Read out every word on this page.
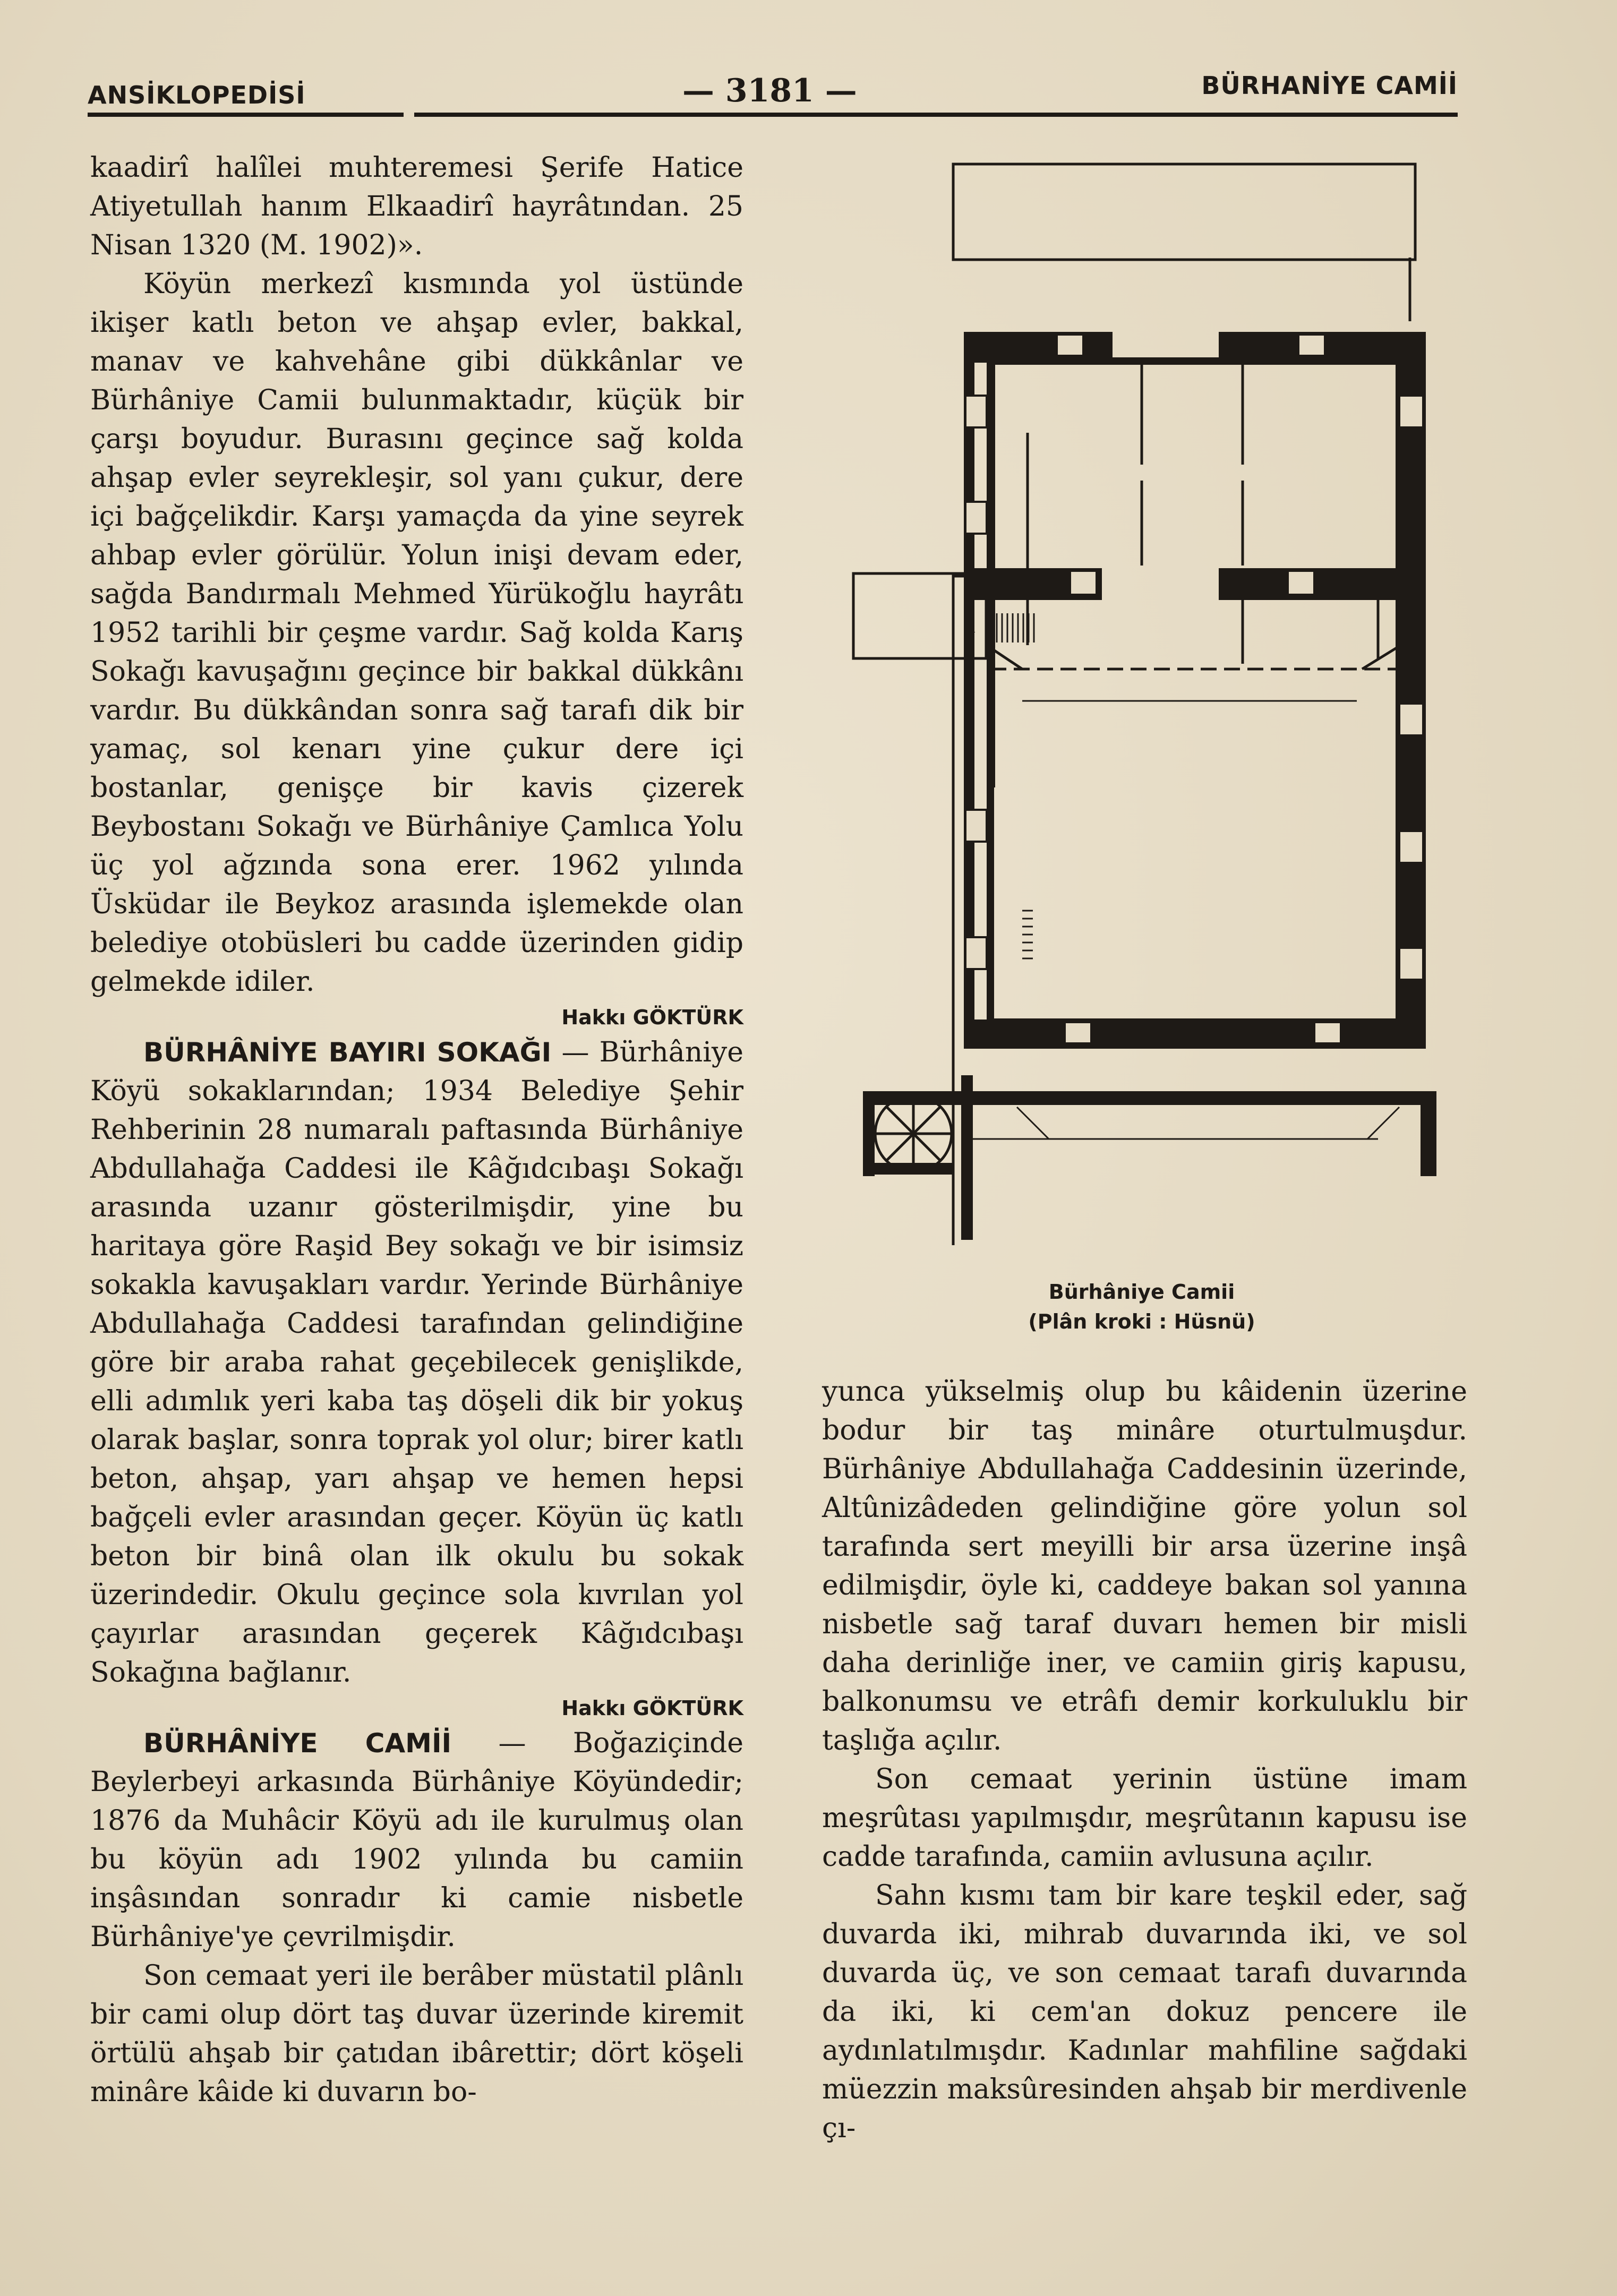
ANSİKLOPEDİSİ	— 3181 —	BÜRHANİYE CAMİİ

kaadirî halîlei muhteremesi Şerife Hatice Atiyetullah hanım Elkaadirî hayrâtından. 25 Nisan 1320 (M. 1902)».

Köyün merkezî kısmında yol üstünde ikişer katlı beton ve ahşap evler, bakkal, manav ve kahvehâne gibi dükkânlar ve Bürhâniye Camii bulunmaktadır, küçük bir çarşı boyudur. Burasını geçince sağ kolda ahşap evler seyrekleşir, sol yanı çukur, dere içi bağçelikdir. Karşı yamaçda da yine seyrek ahbap evler görülür. Yolun inişi devam eder, sağda Bandırmalı Mehmed Yürükoğlu hayrâtı 1952 tarihli bir çeşme vardır. Sağ kolda Karış Sokağı kavuşağını geçince bir bakkal dükkânı vardır. Bu dükkândan sonra sağ tarafı dik bir yamaç, sol kenarı yine çukur dere içi bostanlar, genişçe bir kavis çizerek Beybostanı Sokağı ve Bürhâniye Çamlıca Yolu üç yol ağzında sona erer. 1962 yılında Üsküdar ile Beykoz arasında işlemekde olan belediye otobüsleri bu cadde üzerinden gidip gelmekde idiler.

Hakkı GÖKTÜRK

BÜRHÂNİYE BAYIRI SOKAĞI — Bürhâniye Köyü sokaklarından; 1934 Belediye Şehir Rehberinin 28 numaralı paftasında Bürhâniye Abdullahağa Caddesi ile Kâğıdcıbaşı Sokağı arasında uzanır gösterilmişdir, yine bu haritaya göre Raşid Bey sokağı ve bir isimsiz sokakla kavuşakları vardır. Yerinde Bürhâniye Abdullahağa Caddesi tarafından gelindiğine göre bir araba rahat geçebilecek genişlikde, elli adımlık yeri kaba taş döşeli dik bir yokuş olarak başlar, sonra toprak yol olur; birer katlı beton, ahşap, yarı ahşap ve hemen hepsi bağçeli evler arasından geçer. Köyün üç katlı beton bir binâ olan ilk okulu bu sokak üzerindedir. Okulu geçince sola kıvrılan yol çayırlar arasından geçerek Kâğıdcıbaşı Sokağına bağlanır.

Hakkı GÖKTÜRK

BÜRHÂNİYE CAMİİ — Boğaziçinde Beylerbeyi arkasında Bürhâniye Köyündedir; 1876 da Muhâcir Köyü adı ile kurulmuş olan bu köyün adı 1902 yılında bu camiin inşâsından sonradır ki camie nisbetle Bürhâniye'ye çevrilmişdir.

Son cemaat yeri ile berâber müstatil plânlı bir cami olup dört taş duvar üzerinde kiremit örtülü ahşab bir çatıdan ibârettir; dört köşeli minâre kâide ki duvarın bo-

Bürhâniye Camii
(Plân kroki : Hüsnü)

yunca yükselmiş olup bu kâidenin üzerine bodur bir taş minâre oturtulmuşdur. Bürhâniye Abdullahağa Caddesinin üzerinde, Altûnizâdeden gelindiğine göre yolun sol tarafında sert meyilli bir arsa üzerine inşâ edilmişdir, öyle ki, caddeye bakan sol yanına nisbetle sağ taraf duvarı hemen bir misli daha derinliğe iner, ve camiin giriş kapusu, balkonumsu ve etrâfı demir korkuluklu bir taşlığa açılır.

Son cemaat yerinin üstüne imam meşrûtası yapılmışdır, meşrûtanın kapusu ise cadde tarafında, camiin avlusuna açılır.

Sahn kısmı tam bir kare teşkil eder, sağ duvarda iki, mihrab duvarında iki, ve sol duvarda üç, ve son cemaat tarafı duvarında da iki, ki cem'an dokuz pencere ile aydınlatılmışdır. Kadınlar mahfiline sağdaki müezzin maksûresinden ahşab bir merdivenle çı-
